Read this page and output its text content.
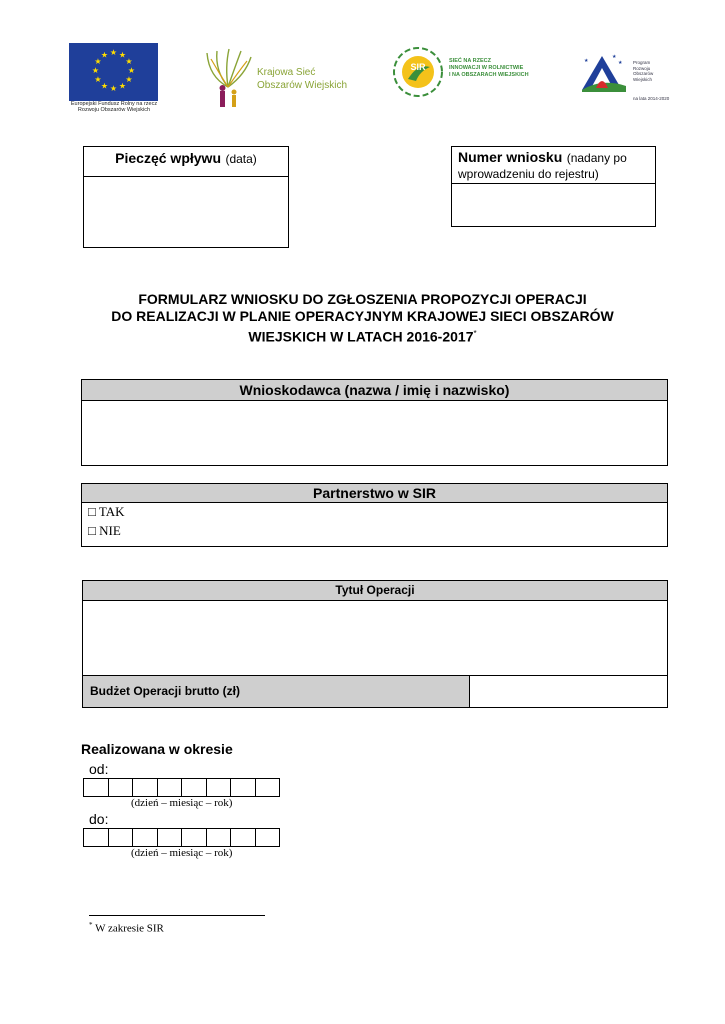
★ ★
★
★
★
★
★
★
★
★
★
★
Europejski Fundusz Rolny na rzecz
Rozwoju Obszarów Wiejskich
Krajowa Sieć
Obszarów Wiejskich
SIR
SIEĆ NA RZECZ
INNOWACJI W ROLNICTWIE
I NA OBSZARACH WIEJSKICH
★
★
★	Program
Rozwoju
Obszarów
Wiejskich
na lata 2014-2020
Pieczęć wpływu (data)	Numer wniosku (nadany po wprowadzeniu do rejestru)
FORMULARZ WNIOSKU DO ZGŁOSZENIA PROPOZYCJI OPERACJI
DO REALIZACJI W PLANIE OPERACYJNYM KRAJOWEJ SIECI OBSZARÓW
WIEJSKICH W LATACH 2016-2017*
Wnioskodawca (nazwa / imię i nazwisko)
Partnerstwo w SIR
□ TAK
□ NIE
Tytuł Operacji
Budżet Operacji brutto (zł)
Realizowana w okresie
od:
(dzień – miesiąc – rok)
do:
(dzień – miesiąc – rok)
* W zakresie SIR
